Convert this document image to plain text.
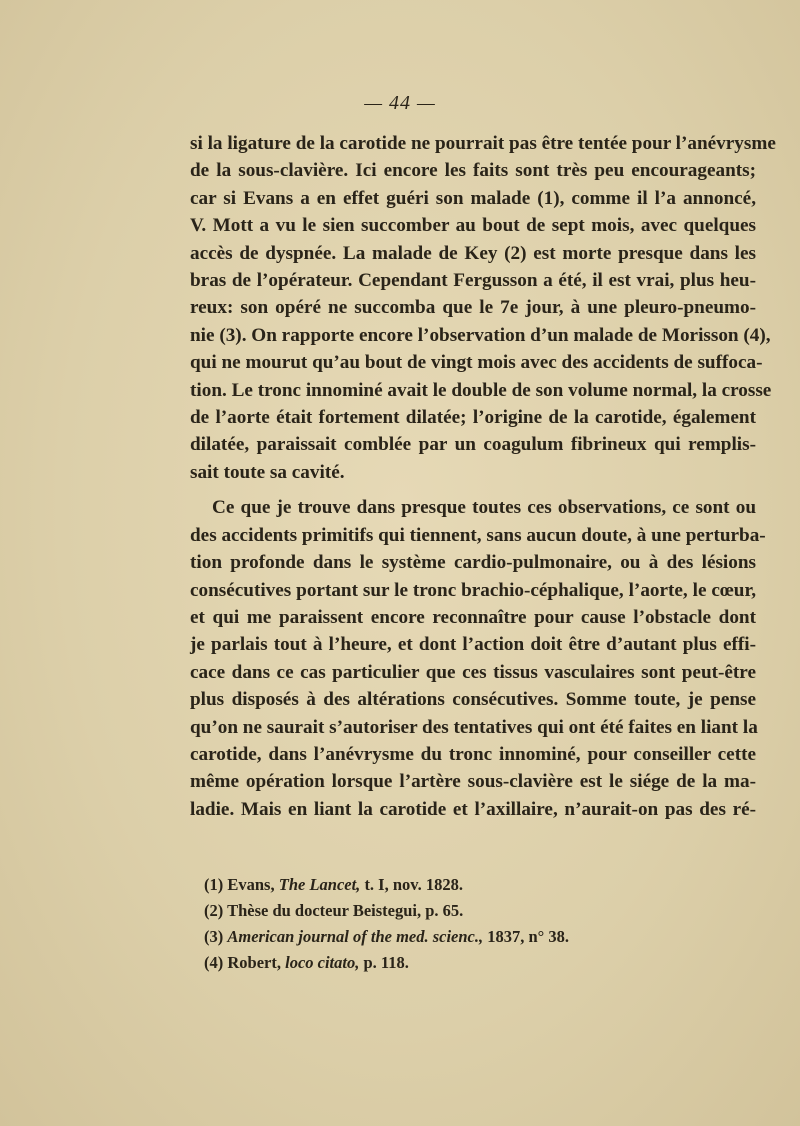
— 44 —
si la ligature de la carotide ne pourrait pas être tentée pour l’anévrysme
de la sous-clavière. Ici encore les faits sont très peu encourageants;
car si Evans a en effet guéri son malade (1), comme il l’a annoncé,
V. Mott a vu le sien succomber au bout de sept mois, avec quelques
accès de dyspnée. La malade de Key (2) est morte presque dans les
bras de l’opérateur. Cependant Fergusson a été, il est vrai, plus heu-
reux: son opéré ne succomba que le 7e jour, à une pleuro-pneumo-
nie (3). On rapporte encore l’observation d’un malade de Morisson (4),
qui ne mourut qu’au bout de vingt mois avec des accidents de suffoca-
tion. Le tronc innominé avait le double de son volume normal, la crosse
de l’aorte était fortement dilatée; l’origine de la carotide, également
dilatée, paraissait comblée par un coagulum fibrineux qui remplis-
sait toute sa cavité.
Ce que je trouve dans presque toutes ces observations, ce sont ou
des accidents primitifs qui tiennent, sans aucun doute, à une perturba-
tion profonde dans le système cardio-pulmonaire, ou à des lésions
consécutives portant sur le tronc brachio-céphalique, l’aorte, le cœur,
et qui me paraissent encore reconnaître pour cause l’obstacle dont
je parlais tout à l’heure, et dont l’action doit être d’autant plus effi-
cace dans ce cas particulier que ces tissus vasculaires sont peut-être
plus disposés à des altérations consécutives. Somme toute, je pense
qu’on ne saurait s’autoriser des tentatives qui ont été faites en liant la
carotide, dans l’anévrysme du tronc innominé, pour conseiller cette
même opération lorsque l’artère sous-clavière est le siége de la ma-
ladie. Mais en liant la carotide et l’axillaire, n’aurait-on pas des ré-
(1) Evans, The Lancet, t. I, nov. 1828.
(2) Thèse du docteur Beistegui, p. 65.
(3) American journal of the med. scienc., 1837, n° 38.
(4) Robert, loco citato, p. 118.
